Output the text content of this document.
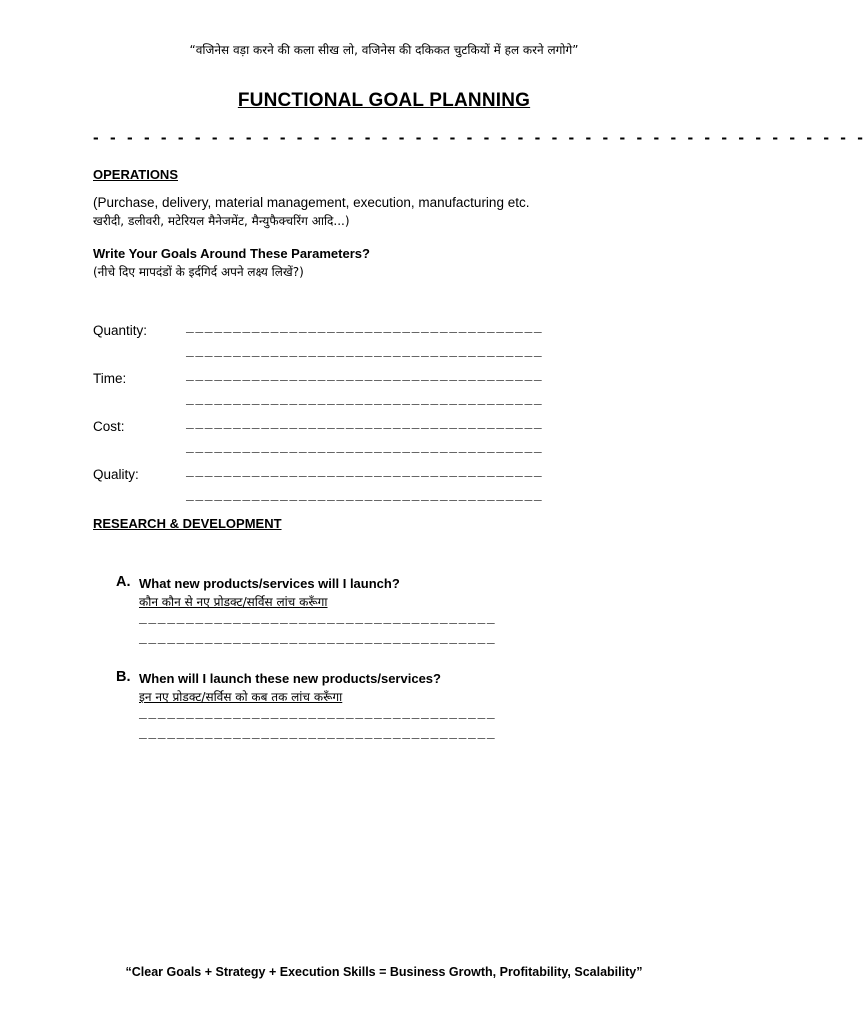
“वजिनेस वड़ा करने की कला सीख लो, वजिनेस की दकिकत चुटकियों में हल करने लगोगे”
FUNCTIONAL GOAL PLANNING
- - - - - - - - - - - - - - - - - - - - - - - - - - - - - - - - - - - - - - - - - - - - - -
OPERATIONS
(Purchase, delivery, material management, execution, manufacturing etc.
खरीदी, डलीवरी, मटेरियल मैनेजमेंट, मैन्युफैक्चरिंग आदि...)
Write Your Goals Around These Parameters?
(नीचे दिए मापदंडों के इर्दगिर्द अपने लक्ष्य लिखें?)
Quantity:	______________________________________
______________________________________
Time:	______________________________________
______________________________________
Cost:	______________________________________
______________________________________
Quality:	______________________________________
______________________________________
RESEARCH & DEVELOPMENT
A. What new products/services will I launch?
कौन कौन से नए प्रोडक्ट/सर्विस लांच करूँगा
______________________________________
______________________________________
B. When will I launch these new products/services?
इन नए प्रोडक्ट/सर्विस को कब तक लांच करूँगा
______________________________________
______________________________________
“Clear Goals + Strategy + Execution Skills = Business Growth, Profitability, Scalability”
